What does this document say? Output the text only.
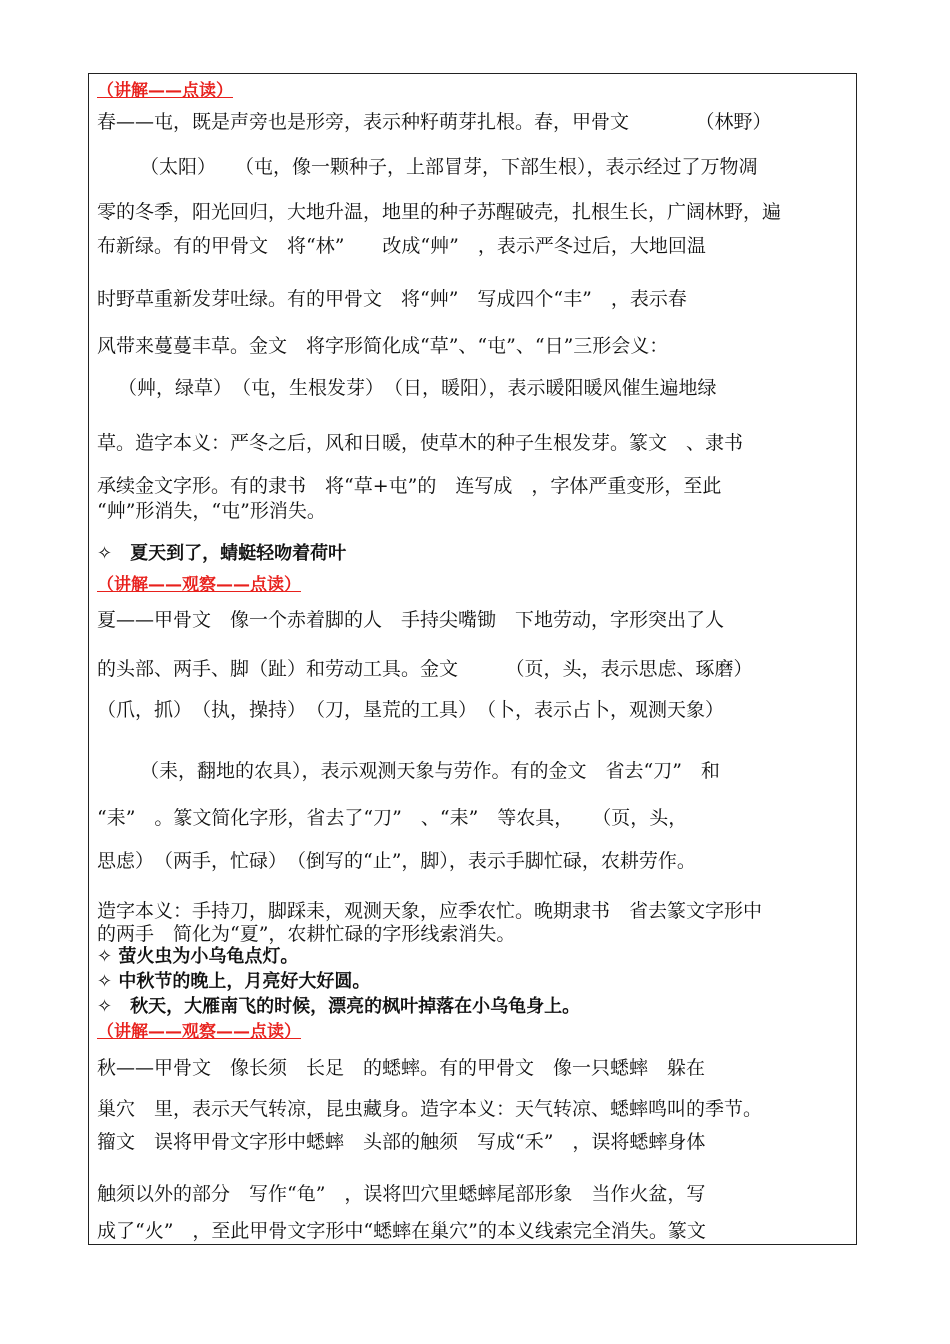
（讲解——点读）
春——屯，既是声旁也是形旁，表示种籽萌芽扎根。春，甲骨文　　　　（林野）
（太阳）　　（屯，像一颗种子，上部冒芽，下部生根），表示经过了万物凋
零的冬季，阳光回归，大地升温，地里的种子苏醒破壳，扎根生长，广阔林野，遍
布新绿。有的甲骨文　将“林”　　改成“艸”　，表示严冬过后，大地回温
时野草重新发芽吐绿。有的甲骨文　将“艸”　写成四个“丰”　，表示春
风带来蔓蔓丰草。金文　将字形简化成“草”、“屯”、“日”三形会义：
（艸，绿草）　（屯，生根发芽）　（日，暖阳），表示暖阳暖风催生遍地绿
草。造字本义：严冬之后，风和日暖，使草木的种子生根发芽。篆文　、隶书
承续金文字形。有的隶书　将“草+屯”的　连写成　，字体严重变形，至此
“艸”形消失，“屯”形消失。
✧　夏天到了，蜻蜓轻吻着荷叶
（讲解——观察——点读）
夏——甲骨文　像一个赤着脚的人　手持尖嘴锄　下地劳动，字形突出了人
的头部、两手、脚（趾）和劳动工具。金文　　　（页，头，表示思虑、琢磨）
（爪，抓）　（执，操持）　（刀，垦荒的工具）　（卜，表示占卜，观测天象）
（耒，翻地的农具），表示观测天象与劳作。有的金文　省去“刀”　和
“耒”　。篆文简化字形，省去了“刀”　、“耒”　等农具，　　（页，头，
思虑）　（两手，忙碌）　（倒写的“止”，脚），表示手脚忙碌，农耕劳作。
造字本义：手持刀，脚踩耒，观测天象，应季农忙。晚期隶书　省去篆文字形中
的两手　简化为“夏”，农耕忙碌的字形线索消失。
✧ 萤火虫为小乌龟点灯。
✧ 中秋节的晚上，月亮好大好圆。
✧　秋天，大雁南飞的时候，漂亮的枫叶掉落在小乌龟身上。
（讲解——观察——点读）
秋——甲骨文　像长须　长足　的蟋蟀。有的甲骨文　像一只蟋蟀　躲在
巢穴　里，表示天气转凉，昆虫藏身。造字本义：天气转凉、蟋蟀鸣叫的季节。
籀文　误将甲骨文字形中蟋蟀　头部的触须　写成“禾”　，误将蟋蟀身体
触须以外的部分　写作“龟”　，误将凹穴里蟋蟀尾部形象　当作火盆，写
成了“火”　，至此甲骨文字形中“蟋蟀在巢穴”的本义线索完全消失。篆文
